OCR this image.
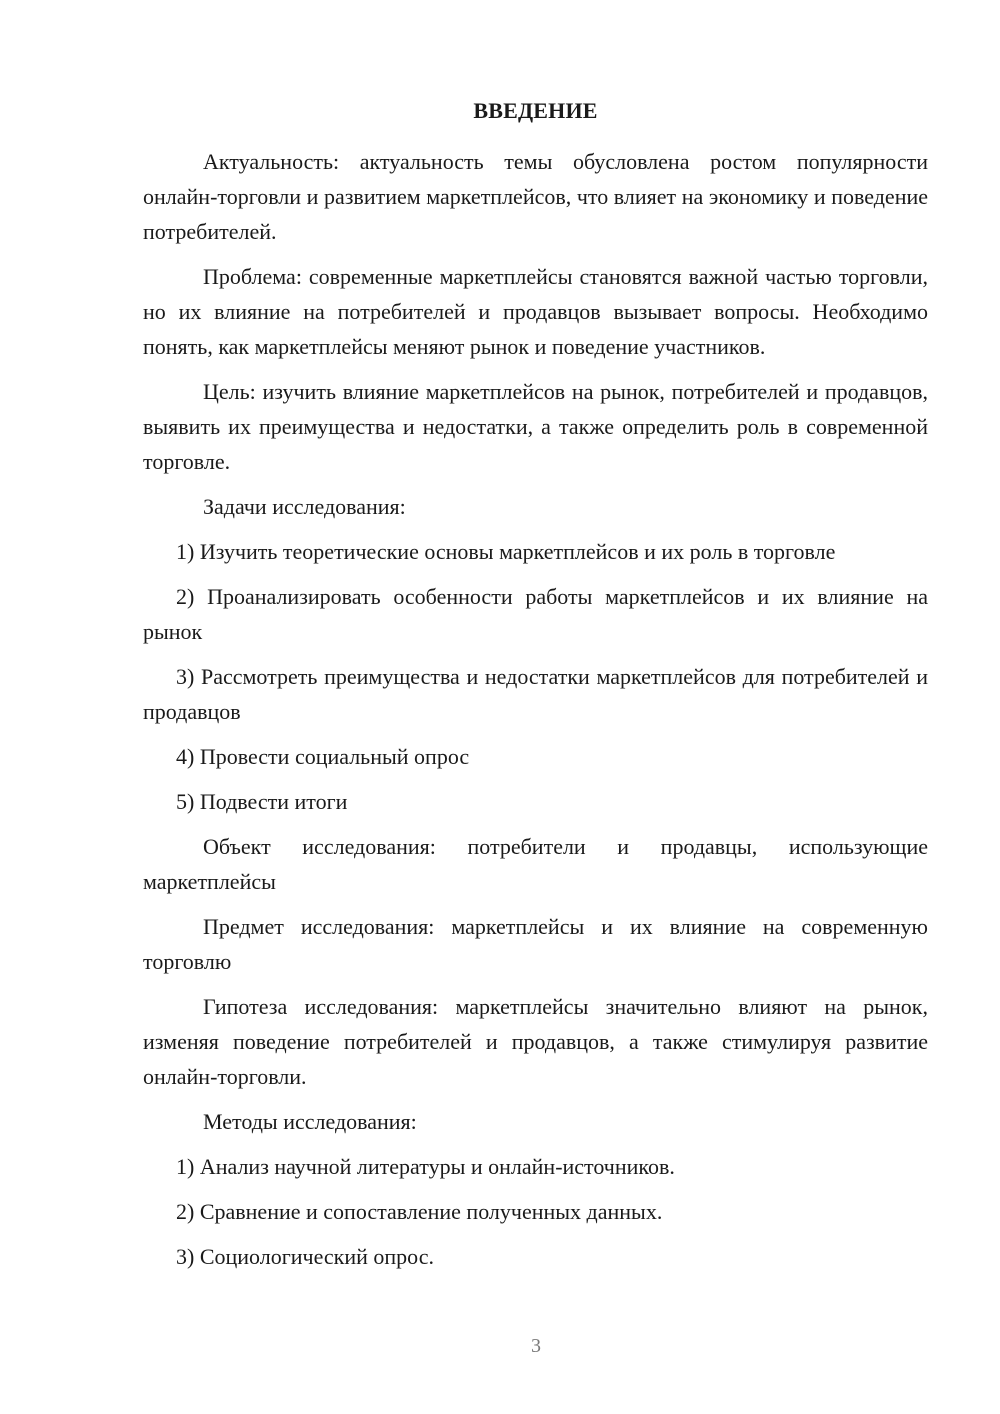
ВВЕДЕНИЕ
Актуальность: актуальность темы обусловлена ростом популярности онлайн-торговли и развитием маркетплейсов, что влияет на экономику и поведение потребителей.
Проблема: современные маркетплейсы становятся важной частью торговли, но их влияние на потребителей и продавцов вызывает вопросы. Необходимо понять, как маркетплейсы меняют рынок и поведение участников.
Цель: изучить влияние маркетплейсов на рынок, потребителей и продавцов, выявить их преимущества и недостатки, а также определить роль в современной торговле.
Задачи исследования:
1) Изучить теоретические основы маркетплейсов и их роль в торговле
2) Проанализировать особенности работы маркетплейсов и их влияние на рынок
3) Рассмотреть преимущества и недостатки маркетплейсов для потребителей и продавцов
4) Провести социальный опрос
5) Подвести итоги
Объект исследования: потребители и продавцы, использующие маркетплейсы
Предмет исследования: маркетплейсы и их влияние на современную торговлю
Гипотеза исследования: маркетплейсы значительно влияют на рынок, изменяя поведение потребителей и продавцов, а также стимулируя развитие онлайн-торговли.
Методы исследования:
1) Анализ научной литературы и онлайн-источников.
2) Сравнение и сопоставление полученных данных.
3) Социологический опрос.
3
